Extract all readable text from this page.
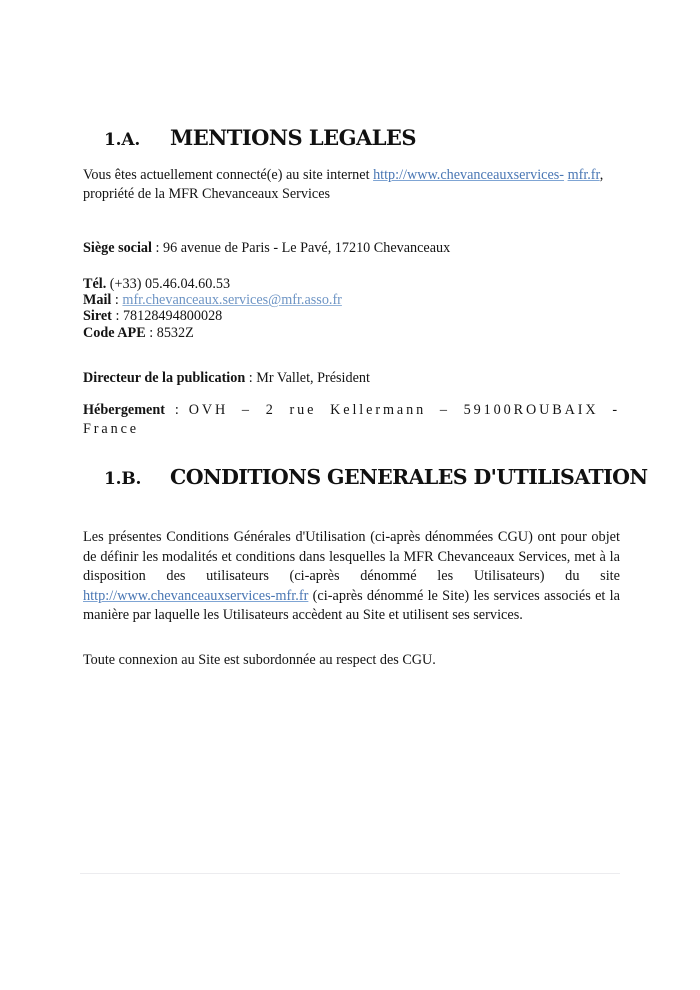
1.A. MENTIONS LEGALES
Vous êtes actuellement connecté(e) au site internet http://www.chevanceauxservices- mfr.fr, propriété de la MFR Chevanceaux Services
Siège social : 96 avenue de Paris - Le Pavé, 17210 Chevanceaux
Tél. (+33) 05.46.04.60.53
Mail : mfr.chevanceaux.services@mfr.asso.fr
Siret : 78128494800028
Code APE : 8532Z
Directeur de la publication : Mr Vallet, Président
Hébergement : OVH – 2 rue Kellermann – 59100ROUBAIX - France
1.B. CONDITIONS GENERALES D'UTILISATION
Les présentes Conditions Générales d'Utilisation (ci-après dénommées CGU) ont pour objet de définir les modalités et conditions dans lesquelles la MFR Chevanceaux Services, met à la disposition des utilisateurs (ci-après dénommé les Utilisateurs) du site http://www.chevanceauxservices-mfr.fr (ci-après dénommé le Site) les services associés et la manière par laquelle les Utilisateurs accèdent au Site et utilisent ses services.
Toute connexion au Site est subordonnée au respect des CGU.
